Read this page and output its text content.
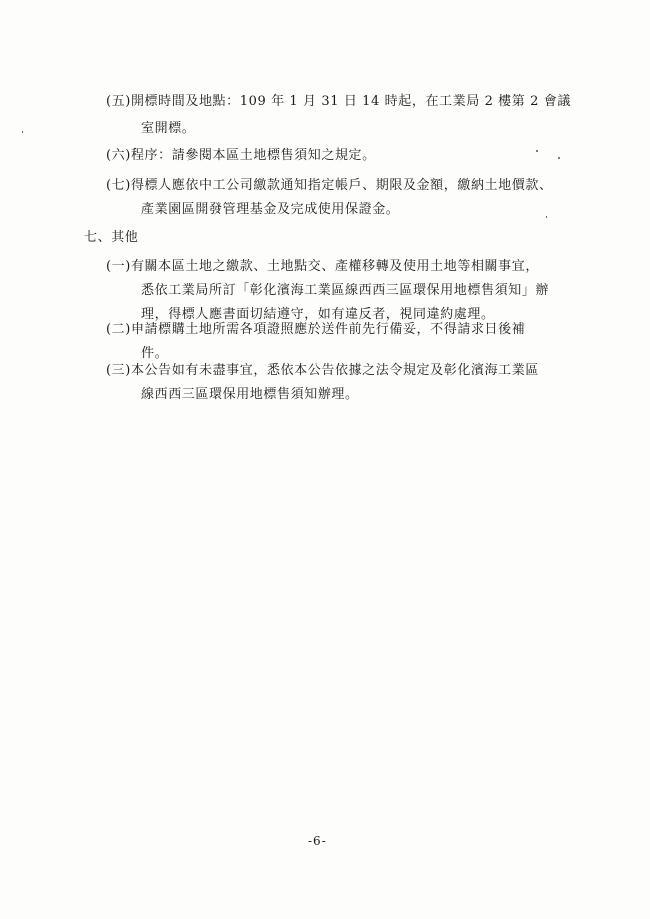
(五)開標時間及地點：109 年 1 月 31 日 14 時起，在工業局 2 樓第 2 會議
室開標。
(六)程序：請參閱本區土地標售須知之規定。
(七)得標人應依中工公司繳款通知指定帳戶、期限及金額，繳納土地價款、
產業園區開發管理基金及完成使用保證金。
七、其他
(一)有關本區土地之繳款、土地點交、產權移轉及使用土地等相關事宜，
悉依工業局所訂「彰化濱海工業區線西西三區環保用地標售須知」辦
理，得標人應書面切結遵守，如有違反者，視同違約處理。
(二)申請標購土地所需各項證照應於送件前先行備妥，不得請求日後補
件。
(三)本公告如有未盡事宜，悉依本公告依據之法令規定及彰化濱海工業區
線西西三區環保用地標售須知辦理。
-6-
